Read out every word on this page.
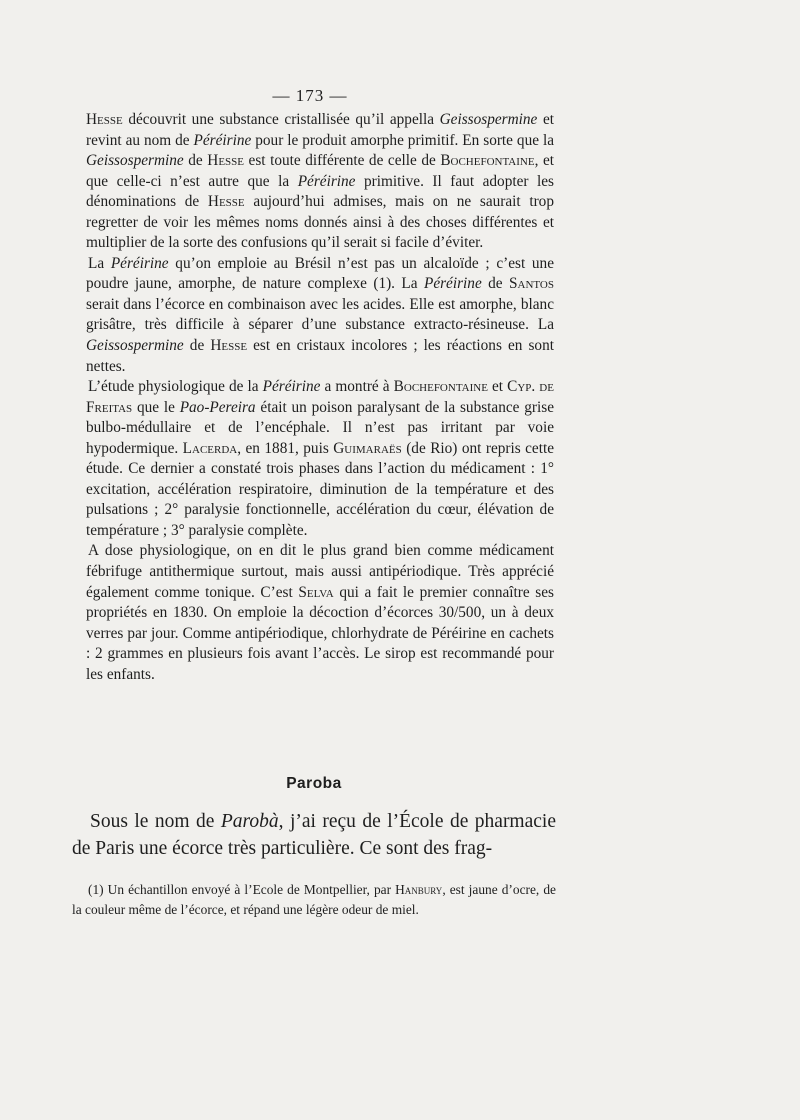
— 173 —

Hesse découvrit une substance cristallisée qu’il appella Geissospermine et revint au nom de Péréirine pour le produit amorphe primitif. En sorte que la Geissospermine de Hesse est toute différente de celle de Bochefontaine, et que celle-ci n’est autre que la Péréirine primitive. Il faut adopter les dénominations de Hesse aujourd’hui admises, mais on ne saurait trop regretter de voir les mêmes noms donnés ainsi à des choses différentes et multiplier de la sorte des confusions qu’il serait si facile d’éviter.

La Péréirine qu’on emploie au Brésil n’est pas un alcaloïde ; c’est une poudre jaune, amorphe, de nature complexe (1). La Péréirine de Santos serait dans l’écorce en combinaison avec les acides. Elle est amorphe, blanc grisâtre, très difficile à séparer d’une substance extracto-résineuse. La Geissospermine de Hesse est en cristaux incolores ; les réactions en sont nettes.

L’étude physiologique de la Péréirine a montré à Bochefontaine et Cyp. de Freitas que le Pao-Pereira était un poison paralysant de la substance grise bulbo-médullaire et de l’encéphale. Il n’est pas irritant par voie hypodermique. Lacerda, en 1881, puis Guimaraës (de Rio) ont repris cette étude. Ce dernier a constaté trois phases dans l’action du médicament : 1° excitation, accélération respiratoire, diminution de la température et des pulsations ; 2° paralysie fonctionnelle, accélération du cœur, élévation de température ; 3° paralysie complète.

A dose physiologique, on en dit le plus grand bien comme médicament fébrifuge antithermique surtout, mais aussi antipériodique. Très apprécié également comme tonique. C’est Selva qui a fait le premier connaître ses propriétés en 1830. On emploie la décoction d’écorces 30/500, un à deux verres par jour. Comme antipériodique, chlorhydrate de Péréirine en cachets : 2 grammes en plusieurs fois avant l’accès. Le sirop est recommandé pour les enfants.

Paroba
Sous le nom de Parobà, j’ai reçu de l’École de pharmacie de Paris une écorce très particulière. Ce sont des frag-
(1) Un échantillon envoyé à l’Ecole de Montpellier, par Hanbury, est jaune d’ocre, de la couleur même de l’écorce, et répand une légère odeur de miel.
